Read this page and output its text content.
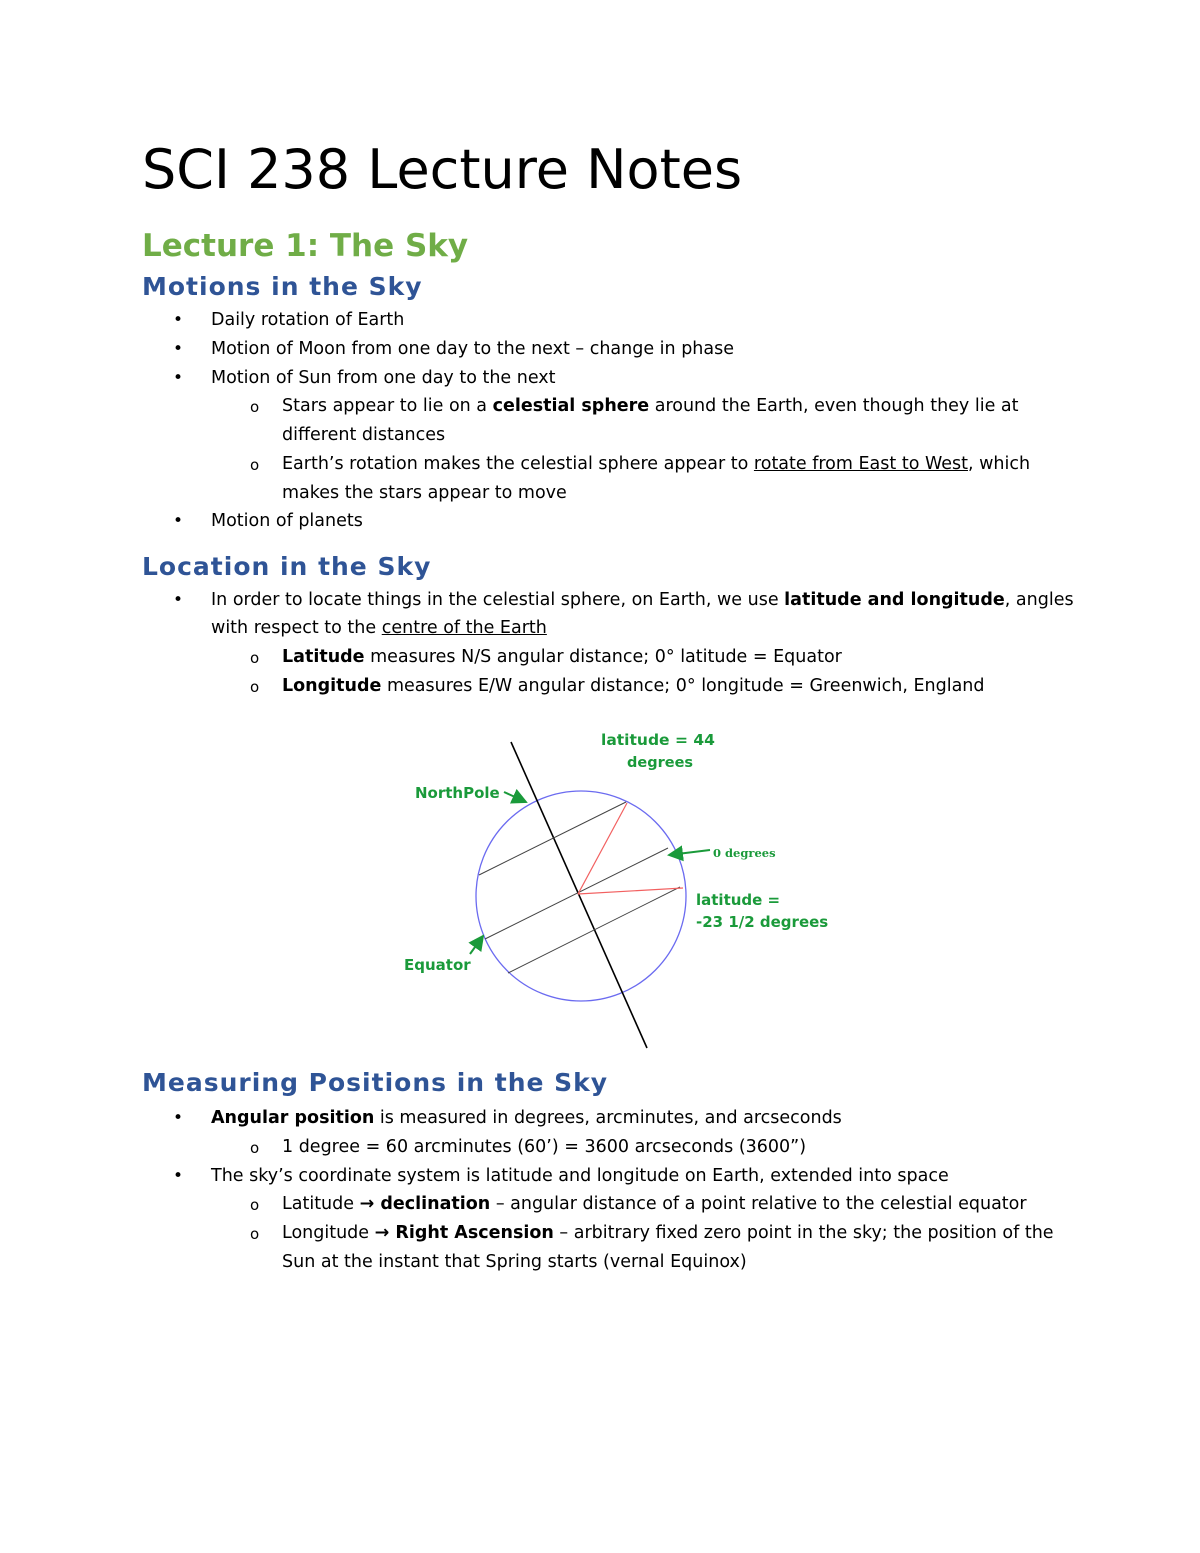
SCI 238 Lecture Notes
Lecture 1: The Sky
Motions in the Sky
• Daily rotation of Earth
• Motion of Moon from one day to the next – change in phase
• Motion of Sun from one day to the next
o Stars appear to lie on a celestial sphere around the Earth, even though they lie at
different distances
o Earth’s rotation makes the celestial sphere appear to rotate from East to West, which
makes the stars appear to move
• Motion of planets
Location in the Sky
• In order to locate things in the celestial sphere, on Earth, we use latitude and longitude, angles
with respect to the centre of the Earth
o Latitude measures N/S angular distance; 0° latitude = Equator
o Longitude measures E/W angular distance; 0° longitude = Greenwich, England
latitude = 44
degrees
NorthPole
0 degrees
latitude =
-23 1/2 degrees
Equator
Measuring Positions in the Sky
• Angular position is measured in degrees, arcminutes, and arcseconds
o 1 degree = 60 arcminutes (60’) = 3600 arcseconds (3600”)
• The sky’s coordinate system is latitude and longitude on Earth, extended into space
o Latitude → declination – angular distance of a point relative to the celestial equator
o Longitude → Right Ascension – arbitrary fixed zero point in the sky; the position of the
Sun at the instant that Spring starts (vernal Equinox)
